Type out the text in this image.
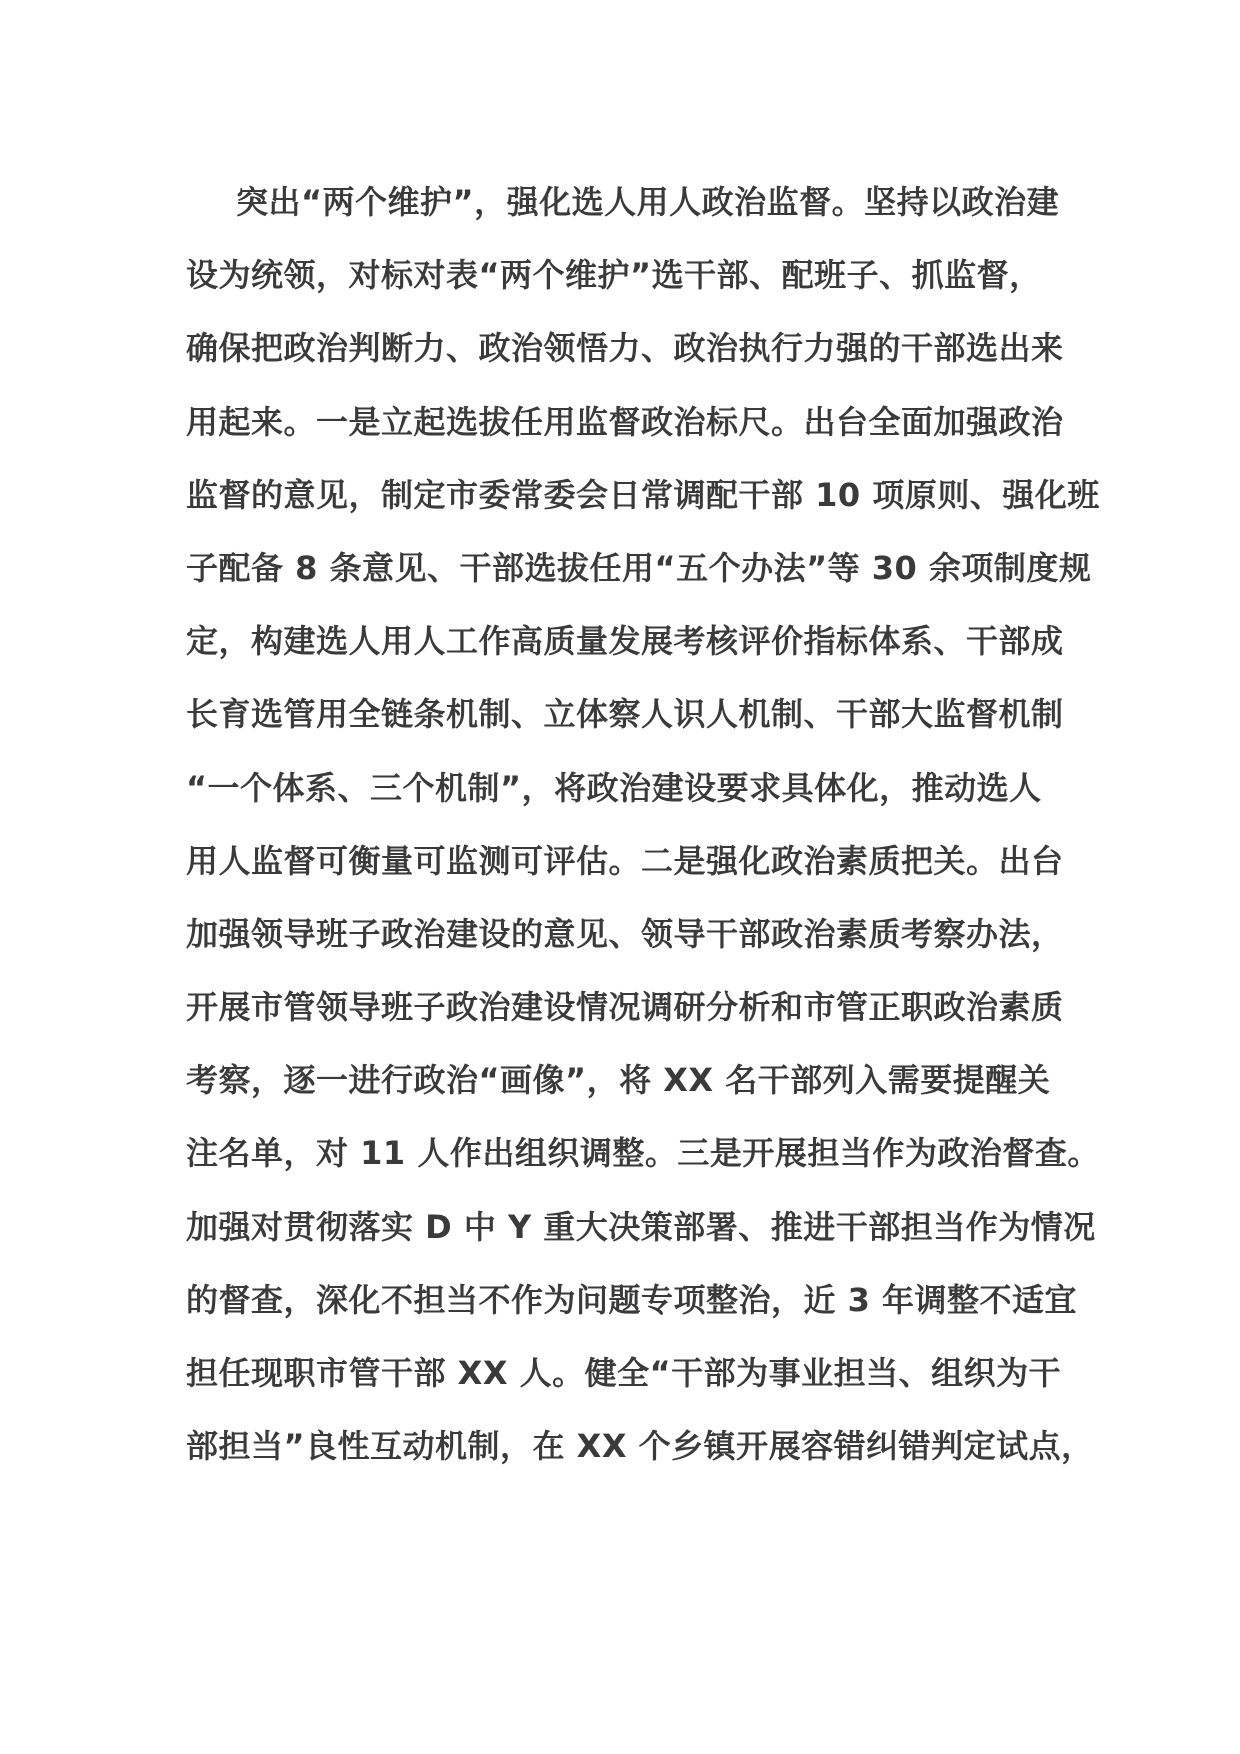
突出“两个维护”，强化选人用人政治监督。坚持以政治建
设为统领，对标对表“两个维护”选干部、配班子、抓监督，
确保把政治判断力、政治领悟力、政治执行力强的干部选出来
用起来。一是立起选拔任用监督政治标尺。出台全面加强政治
监督的意见，制定市委常委会日常调配干部 10 项原则、强化班
子配备 8 条意见、干部选拔任用“五个办法”等 30 余项制度规
定，构建选人用人工作高质量发展考核评价指标体系、干部成
长育选管用全链条机制、立体察人识人机制、干部大监督机制
“一个体系、三个机制”，将政治建设要求具体化，推动选人
用人监督可衡量可监测可评估。二是强化政治素质把关。出台
加强领导班子政治建设的意见、领导干部政治素质考察办法，
开展市管领导班子政治建设情况调研分析和市管正职政治素质
考察，逐一进行政治“画像”，将 XX 名干部列入需要提醒关
注名单，对 11 人作出组织调整。三是开展担当作为政治督查。
加强对贯彻落实 D 中 Y 重大决策部署、推进干部担当作为情况
的督查，深化不担当不作为问题专项整治，近 3 年调整不适宜
担任现职市管干部 XX 人。健全“干部为事业担当、组织为干
部担当”良性互动机制，在 XX 个乡镇开展容错纠错判定试点，
